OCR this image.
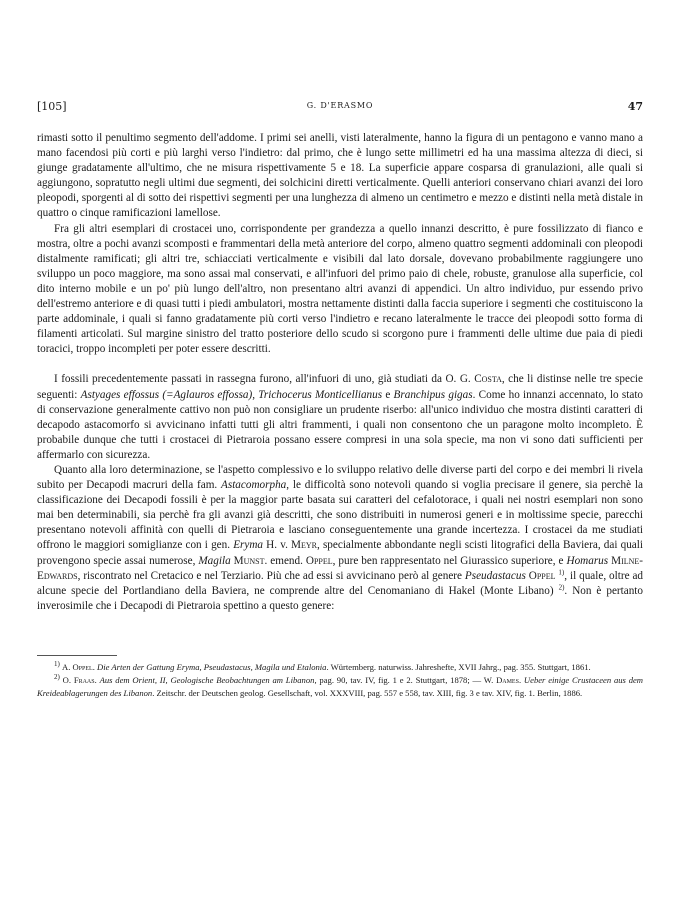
[105]	G. D'ERASMO	47

rimasti sotto il penultimo segmento dell'addome. I primi sei anelli, visti lateralmente, hanno la figura di un pentagono e vanno mano a mano facendosi più corti e più larghi verso l'indietro: dal primo, che è lungo sette millimetri ed ha una massima altezza di dieci, si giunge gradatamente all'ultimo, che ne misura rispettivamente 5 e 18. La superficie appare cosparsa di granulazioni, alle quali si aggiungono, sopratutto negli ultimi due segmenti, dei solchicini diretti verticalmente. Quelli anteriori conservano chiari avanzi dei loro pleopodi, sporgenti al di sotto dei rispettivi segmenti per una lunghezza di almeno un centimetro e mezzo e distinti nella metà distale in quattro o cinque ramificazioni lamellose.

Fra gli altri esemplari di crostacei uno, corrispondente per grandezza a quello innanzi descritto, è pure fossilizzato di fianco e mostra, oltre a pochi avanzi scomposti e frammentari della metà anteriore del corpo, almeno quattro segmenti addominali con pleopodi distalmente ramificati; gli altri tre, schiacciati verticalmente e visibili dal lato dorsale, dovevano probabilmente raggiungere uno sviluppo un poco maggiore, ma sono assai mal conservati, e all'infuori del primo paio di chele, robuste, granulose alla superficie, col dito interno mobile e un po' più lungo dell'altro, non presentano altri avanzi di appendici. Un altro individuo, pur essendo privo dell'estremo anteriore e di quasi tutti i piedi ambulatori, mostra nettamente distinti dalla faccia superiore i segmenti che costituiscono la parte addominale, i quali si fanno gradatamente più corti verso l'indietro e recano lateralmente le tracce dei pleopodi sotto forma di filamenti articolati. Sul margine sinistro del tratto posteriore dello scudo si scorgono pure i frammenti delle ultime due paia di piedi toracici, troppo incompleti per poter essere descritti.

I fossili precedentemente passati in rassegna furono, all'infuori di uno, già studiati da O. G. Costa, che li distinse nelle tre specie seguenti: Astyages effossus (=Aglauros effossa), Trichocerus Monticellianus e Branchipus gigas. Come ho innanzi accennato, lo stato di conservazione generalmente cattivo non può non consigliare un prudente riserbo: all'unico individuo che mostra distinti caratteri di decapodo astacomorfo si avvicinano infatti tutti gli altri frammenti, i quali non consentono che un paragone molto incompleto. È probabile dunque che tutti i crostacei di Pietraroia possano essere compresi in una sola specie, ma non vi sono dati sufficienti per affermarlo con sicurezza.

Quanto alla loro determinazione, se l'aspetto complessivo e lo sviluppo relativo delle diverse parti del corpo e dei membri li rivela subito per Decapodi macruri della fam. Astacomorpha, le difficoltà sono notevoli quando si voglia precisare il genere, sia perchè la classificazione dei Decapodi fossili è per la maggior parte basata sui caratteri del cefalotorace, i quali nei nostri esemplari non sono mai ben determinabili, sia perchè fra gli avanzi già descritti, che sono distribuiti in numerosi generi e in moltissime specie, parecchi presentano notevoli affinità con quelli di Pietraroia e lasciano conseguentemente una grande incertezza. I crostacei da me studiati offrono le maggiori somiglianze con i gen. Eryma H. v. Meyr, specialmente abbondante negli scisti litografici della Baviera, dai quali provengono specie assai numerose, Magila Munst. emend. Oppel, pure ben rappresentato nel Giurassico superiore, e Homarus Milne-Edwards, riscontrato nel Cretacico e nel Terziario. Più che ad essi si avvicinano però al genere Pseudastacus Oppel $^{1)}$, il quale, oltre ad alcune specie del Portlandiano della Baviera, ne comprende altre del Cenomaniano di Hakel (Monte Libano) $^{2)}$. Non è pertanto inverosimile che i Decapodi di Pietraroia spettino a questo genere:

$^{1)}$ A. Oppel. Die Arten der Gattung Eryma, Pseudastacus, Magila und Etalonia. Würtemberg. naturwiss. Jahreshefte, XVII Jahrg., pag. 355. Stuttgart, 1861.

$^{2)}$ O. Fraas. Aus dem Orient, II, Geologische Beobachtungen am Libanon, pag. 90, tav. IV, fig. 1 e 2. Stuttgart, 1878; — W. Dames. Ueber einige Crustaceen aus dem Kreideablagerungen des Libanon. Zeitschr. der Deutschen geolog. Gesellschaft, vol. XXXVIII, pag. 557 e 558, tav. XIII, fig. 3 e tav. XIV, fig. 1. Berlin, 1886.
